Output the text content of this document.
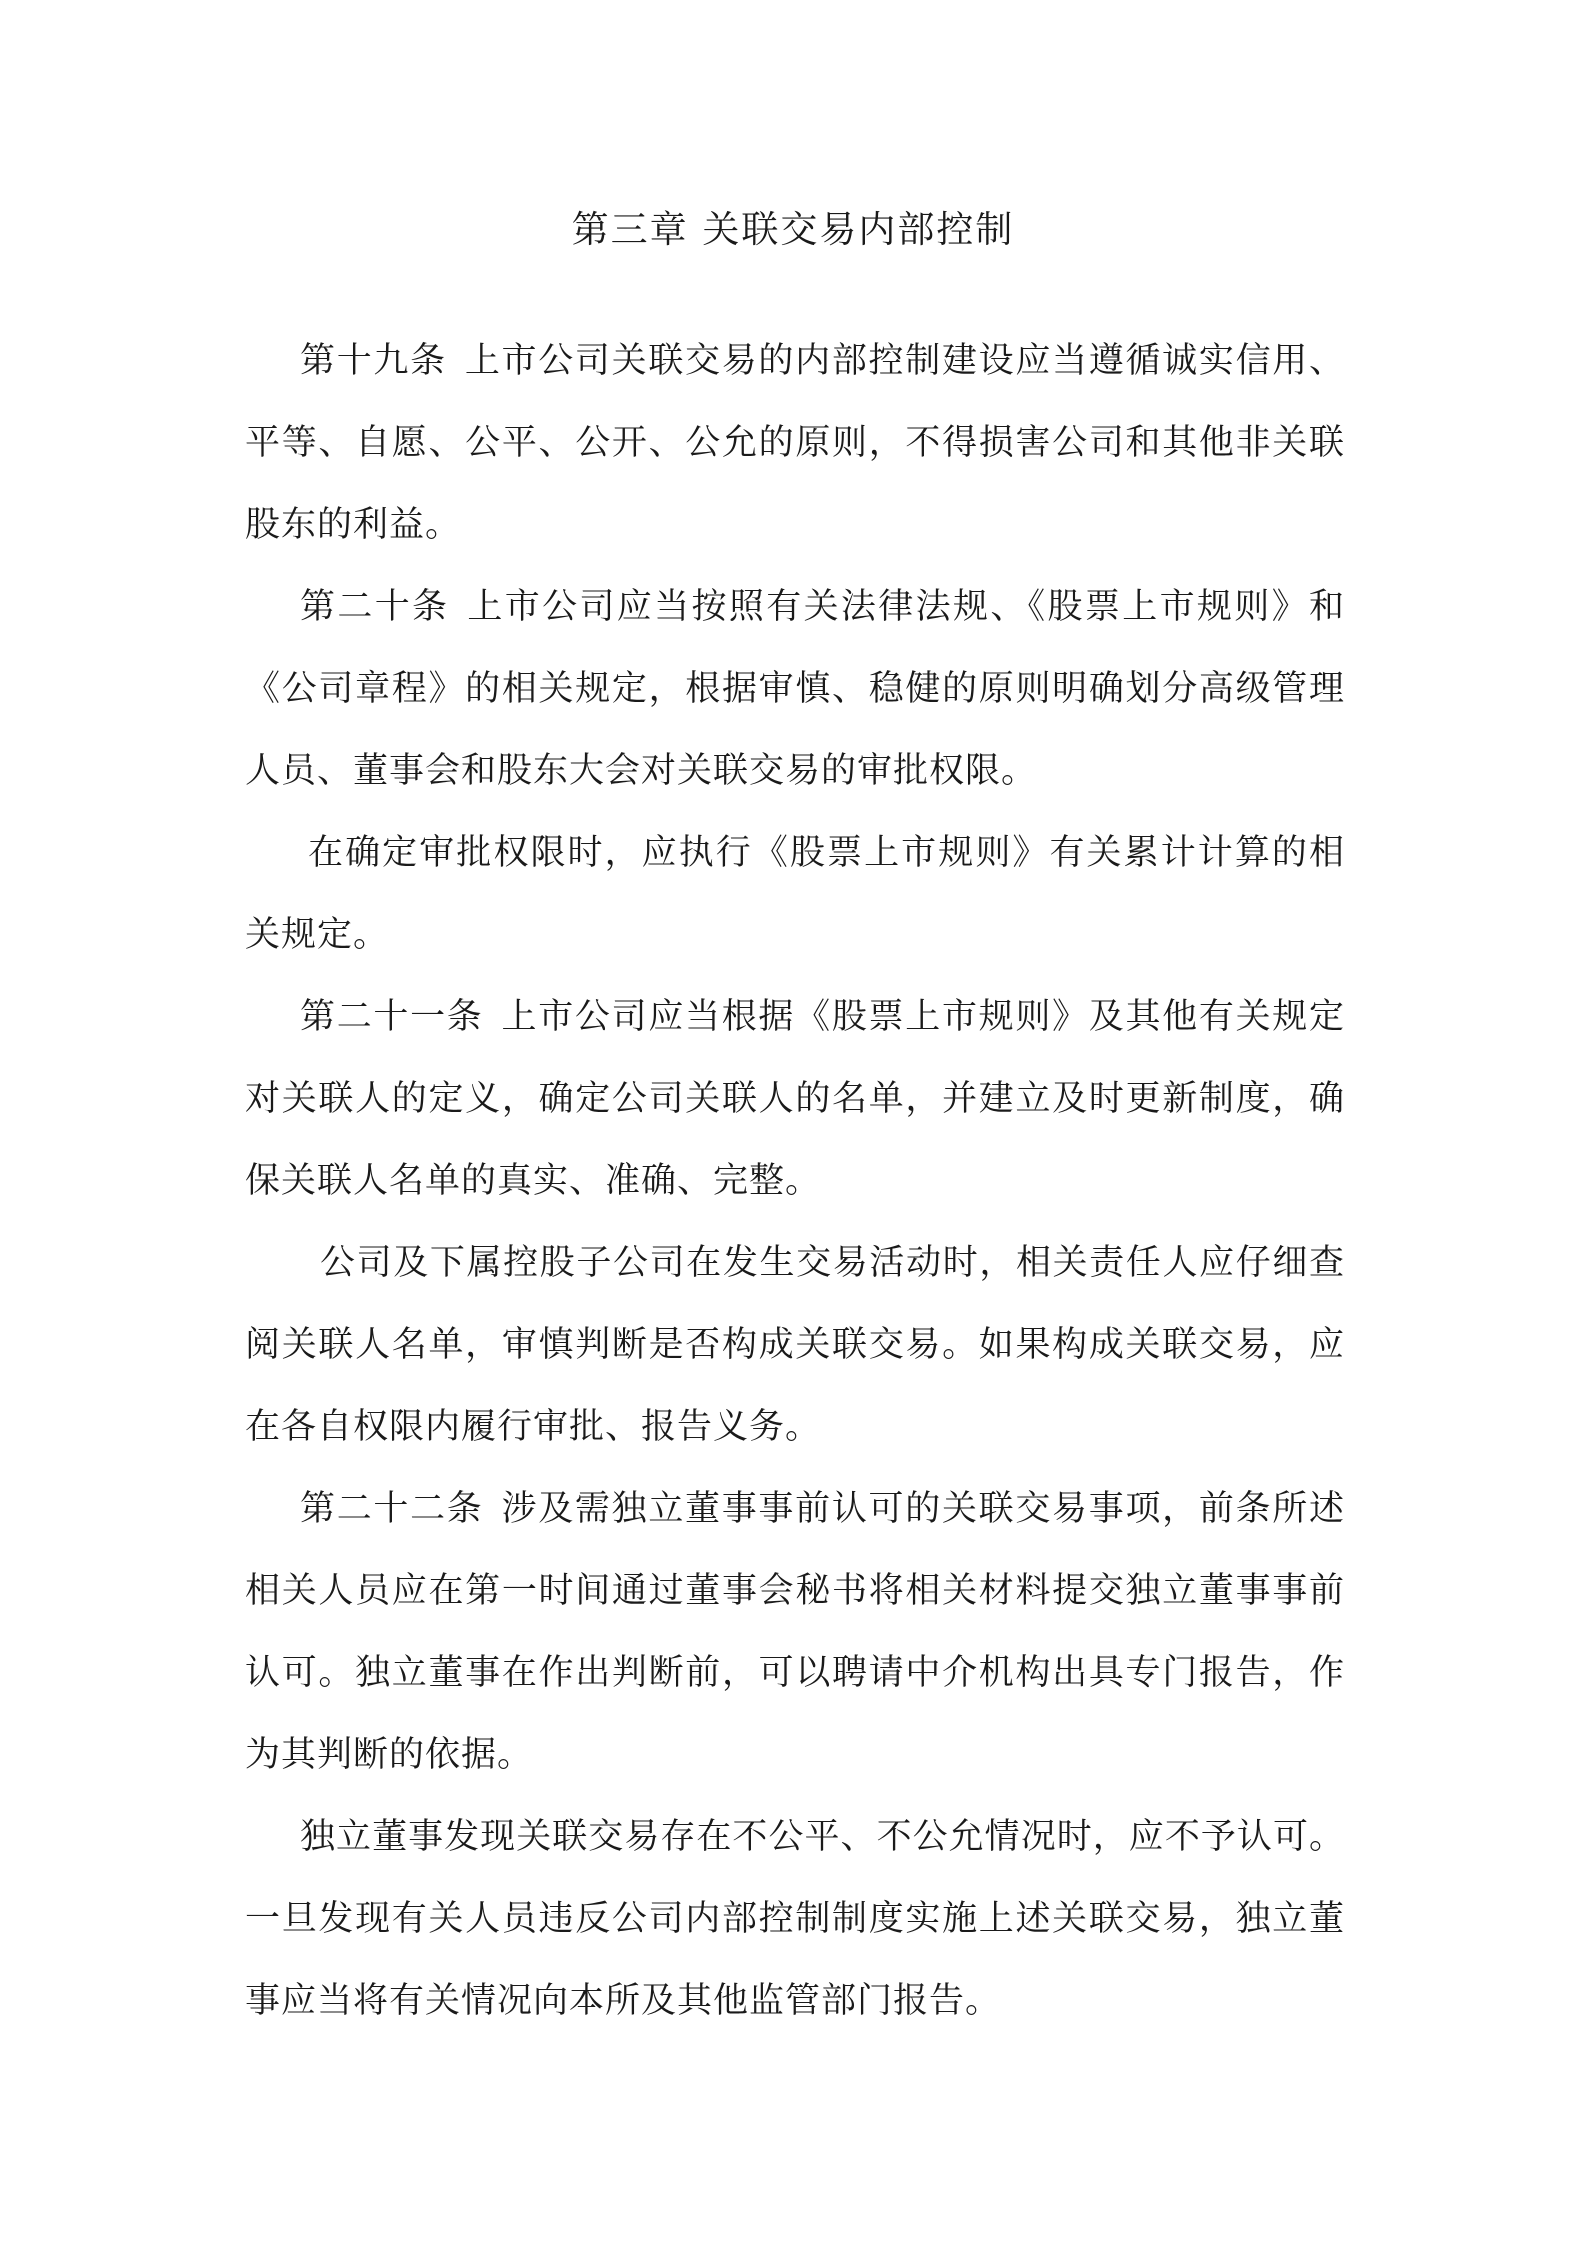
第三章 关联交易内部控制

第十九条 上市公司关联交易的内部控制建设应当遵循诚实信用、平等、自愿、公平、公开、公允的原则，不得损害公司和其他非关联股东的利益。

第二十条 上市公司应当按照有关法律法规、《股票上市规则》和《公司章程》的相关规定，根据审慎、稳健的原则明确划分高级管理人员、董事会和股东大会对关联交易的审批权限。

在确定审批权限时，应执行《股票上市规则》有关累计计算的相关规定。

第二十一条 上市公司应当根据《股票上市规则》及其他有关规定对关联人的定义，确定公司关联人的名单，并建立及时更新制度，确保关联人名单的真实、准确、完整。

公司及下属控股子公司在发生交易活动时，相关责任人应仔细查阅关联人名单，审慎判断是否构成关联交易。如果构成关联交易，应在各自权限内履行审批、报告义务。

第二十二条 涉及需独立董事事前认可的关联交易事项，前条所述相关人员应在第一时间通过董事会秘书将相关材料提交独立董事事前认可。独立董事在作出判断前，可以聘请中介机构出具专门报告，作为其判断的依据。

独立董事发现关联交易存在不公平、不公允情况时，应不予认可。一旦发现有关人员违反公司内部控制制度实施上述关联交易，独立董事应当将有关情况向本所及其他监管部门报告。
